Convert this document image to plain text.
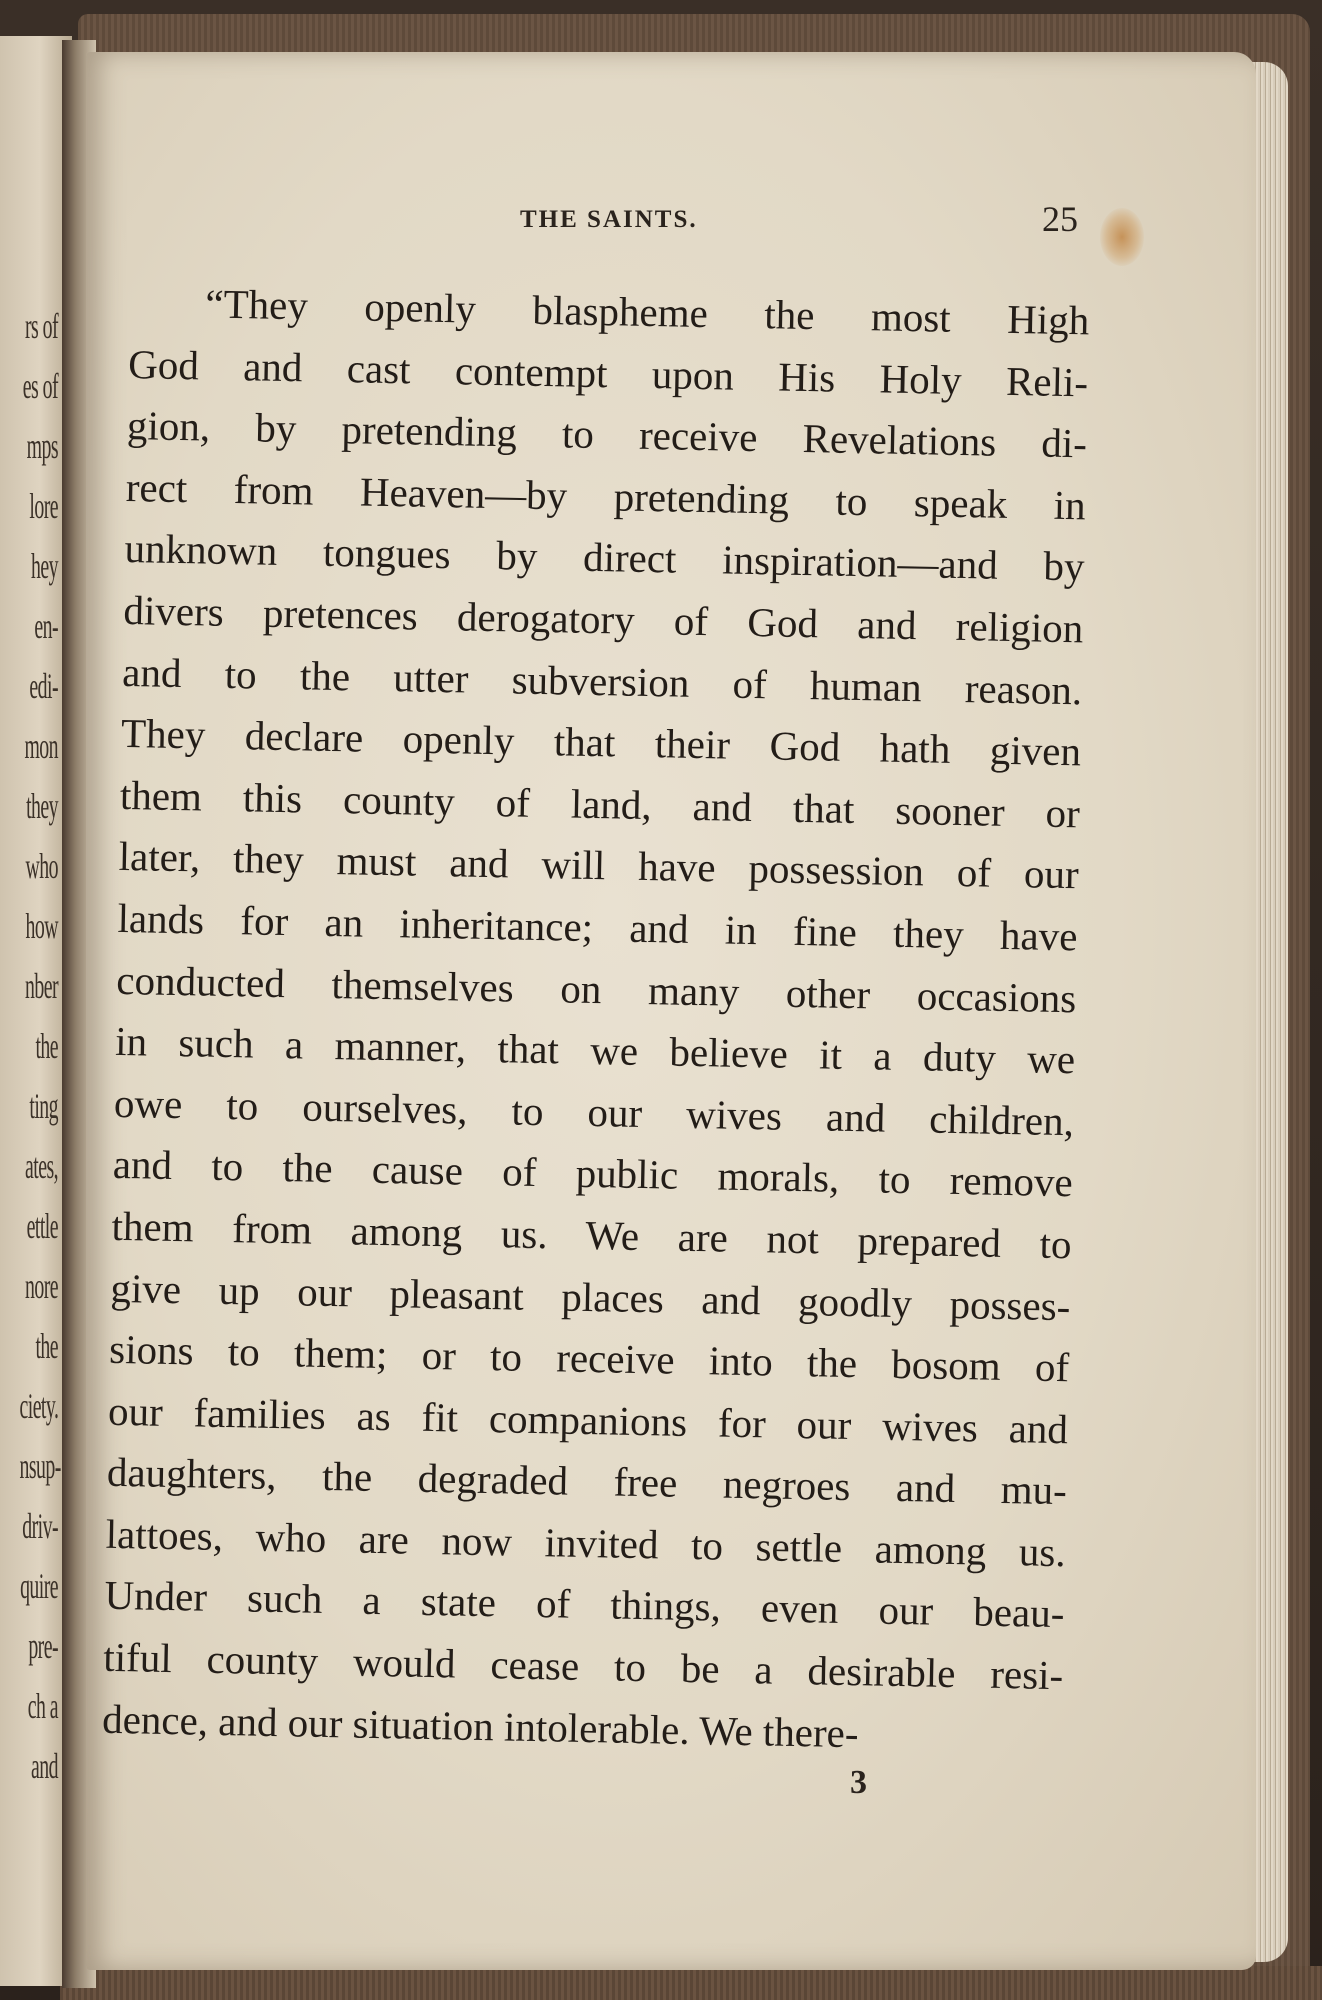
rs of
es of
mps
lore
hey
en-
edi-
mon
they
who
how
nber
the
ting
ates,
ettle
nore
the
ciety.
nsup-
driv-
quire
pre-
ch a
and
THE SAINTS.	25
“They openly blaspheme the most High
God and cast contempt upon His Holy Reli-
gion, by pretending to receive Revelations di-
rect from Heaven—by pretending to speak in
unknown tongues by direct inspiration—and by
divers pretences derogatory of God and religion
and to the utter subversion of human reason.
They declare openly that their God hath given
them this county of land, and that sooner or
later, they must and will have possession of our
lands for an inheritance; and in fine they have
conducted themselves on many other occasions
in such a manner, that we believe it a duty we
owe to ourselves, to our wives and children,
and to the cause of public morals, to remove
them from among us. We are not prepared to
give up our pleasant places and goodly posses-
sions to them; or to receive into the bosom of
our families as fit companions for our wives and
daughters, the degraded free negroes and mu-
lattoes, who are now invited to settle among us.
Under such a state of things, even our beau-
tiful county would cease to be a desirable resi-
dence, and our situation intolerable. We there-
3
